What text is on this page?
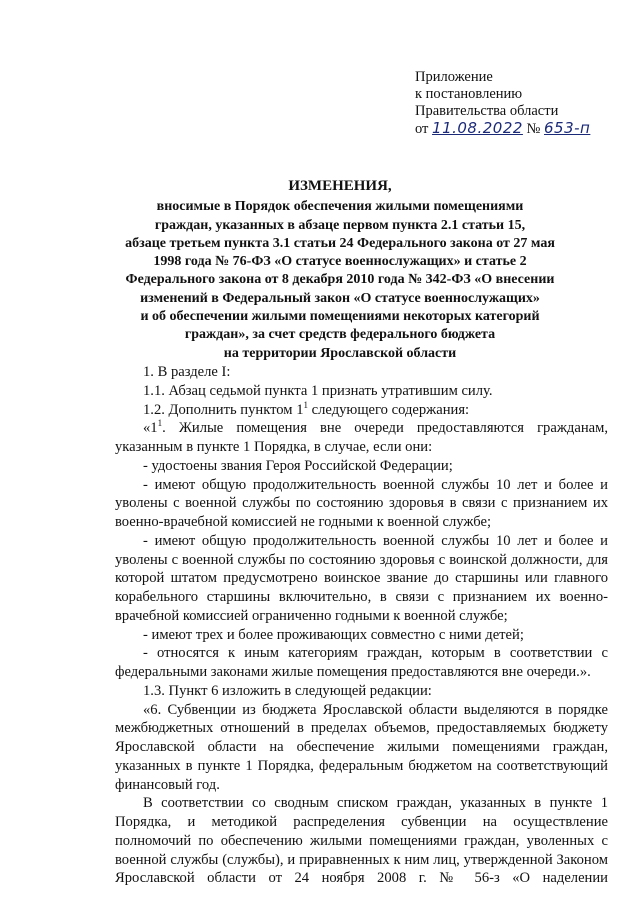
Приложение
к постановлению
Правительства области
от 11.08.2022 № 653-п
ИЗМЕНЕНИЯ,
вносимые в Порядок обеспечения жилыми помещениями
граждан, указанных в абзаце первом пункта 2.1 статьи 15,
абзаце третьем пункта 3.1 статьи 24 Федерального закона от 27 мая
1998 года № 76-ФЗ «О статусе военнослужащих» и статье 2
Федерального закона от 8 декабря 2010 года № 342-ФЗ «О внесении
изменений в Федеральный закон «О статусе военнослужащих»
и об обеспечении жилыми помещениями некоторых категорий
граждан», за счет средств федерального бюджета
на территории Ярославской области
1. В разделе I:
1.1. Абзац седьмой пункта 1 признать утратившим силу.
1.2. Дополнить пунктом $1^1$ следующего содержания:
«$1^1$. Жилые помещения вне очереди предоставляются гражданам, указанным в пункте 1 Порядка, в случае, если они:
- удостоены звания Героя Российской Федерации;
- имеют общую продолжительность военной службы 10 лет и более и уволены с военной службы по состоянию здоровья в связи с признанием их военно-врачебной комиссией не годными к военной службе;
- имеют общую продолжительность военной службы 10 лет и более и уволены с военной службы по состоянию здоровья с воинской должности, для которой штатом предусмотрено воинское звание до старшины или главного корабельного старшины включительно, в связи с признанием их военно-врачебной комиссией ограниченно годными к военной службе;
- имеют трех и более проживающих совместно с ними детей;
- относятся к иным категориям граждан, которым в соответствии с федеральными законами жилые помещения предоставляются вне очереди.».
1.3. Пункт 6 изложить в следующей редакции:
«6. Субвенции из бюджета Ярославской области выделяются в порядке межбюджетных отношений в пределах объемов, предоставляемых бюджету Ярославской области на обеспечение жилыми помещениями граждан, указанных в пункте 1 Порядка, федеральным бюджетом на соответствующий финансовый год.
В соответствии со сводным списком граждан, указанных в пункте 1 Порядка, и методикой распределения субвенции на осуществление полномочий по обеспечению жилыми помещениями граждан, уволенных с военной службы (службы), и приравненных к ним лиц, утвержденной Законом Ярославской области от 24 ноября 2008 г. № 56-з «О наделении
